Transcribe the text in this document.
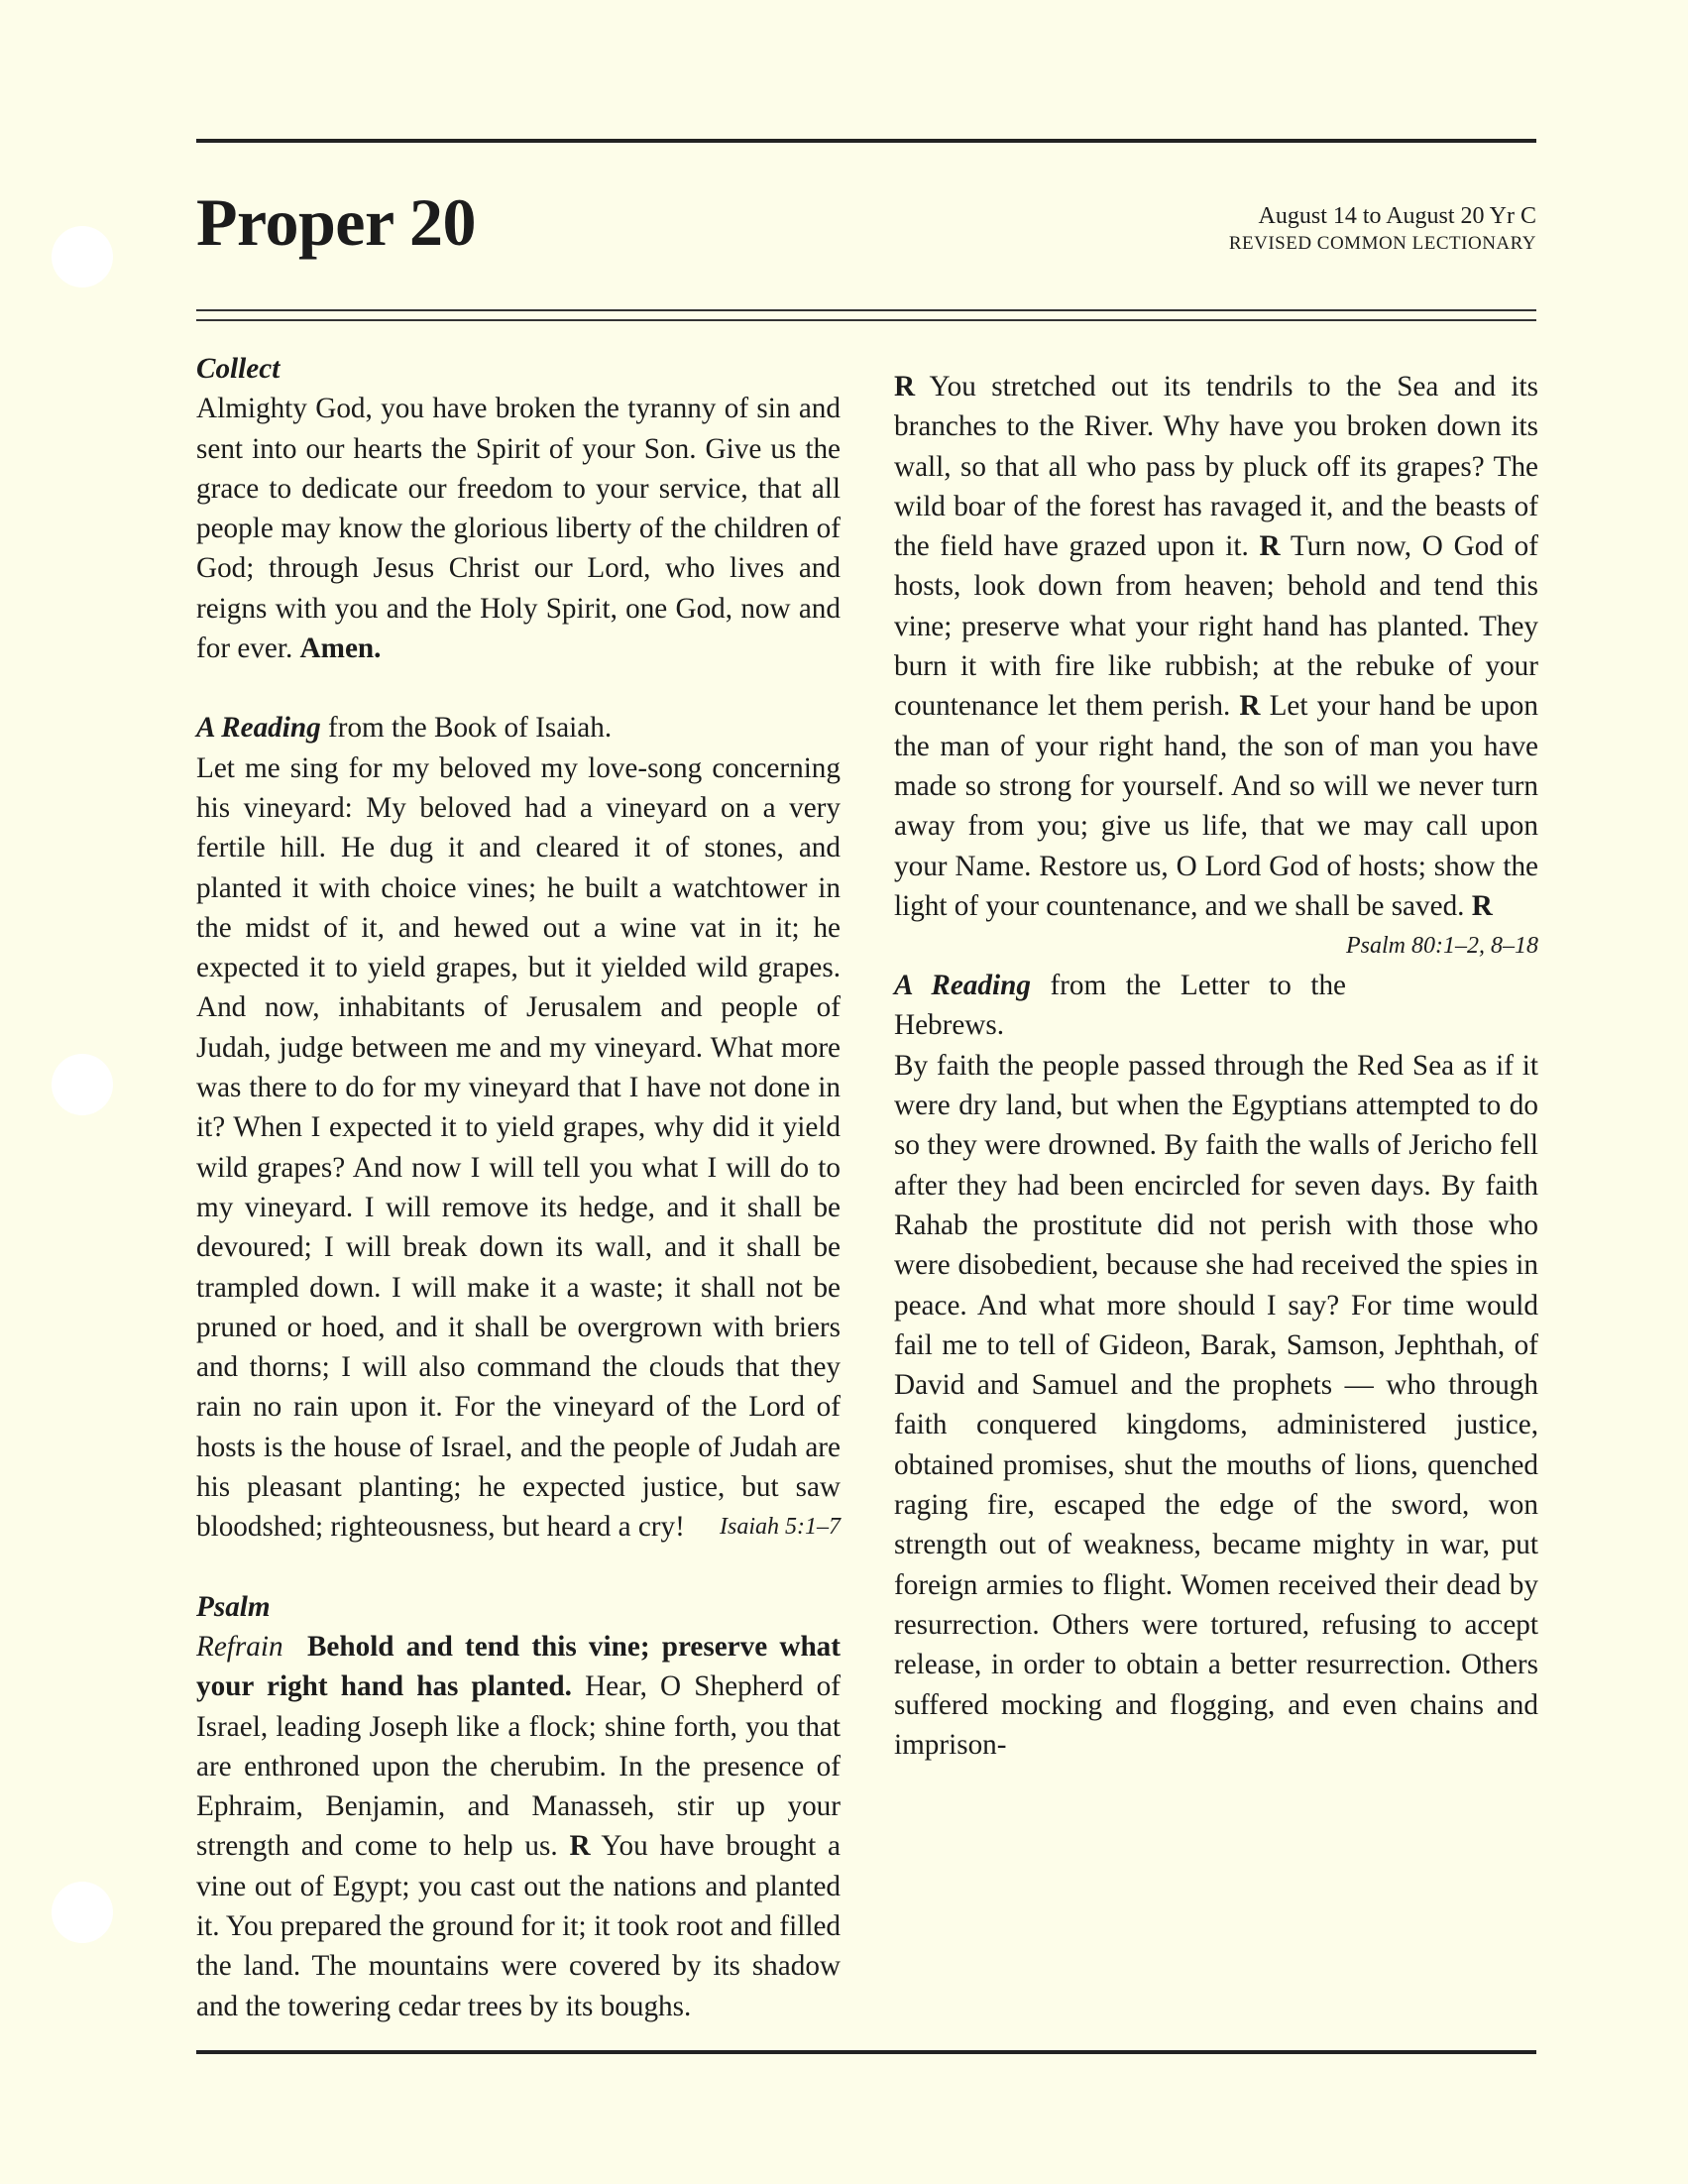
Proper 20	August 14 to August 20 Yr C
REVISED COMMON LECTIONARY

Collect

Almighty God, you have broken the tyranny of sin and sent into our hearts the Spirit of your Son. Give us the grace to dedicate our freedom to your service, that all people may know the glorious liberty of the children of God; through Jesus Christ our Lord, who lives and reigns with you and the Holy Spirit, one God, now and for ever. Amen.

A Reading from the Book of Isaiah.

Let me sing for my beloved my love-song concerning his vineyard: My beloved had a vineyard on a very fertile hill. He dug it and cleared it of stones, and planted it with choice vines; he built a watchtower in the midst of it, and hewed out a wine vat in it; he expected it to yield grapes, but it yielded wild grapes. And now, inhabitants of Jerusalem and people of Judah, judge between me and my vineyard. What more was there to do for my vineyard that I have not done in it? When I expected it to yield grapes, why did it yield wild grapes? And now I will tell you what I will do to my vineyard. I will remove its hedge, and it shall be devoured; I will break down its wall, and it shall be trampled down. I will make it a waste; it shall not be pruned or hoed, and it shall be overgrown with briers and thorns; I will also command the clouds that they rain no rain upon it. For the vineyard of the Lord of hosts is the house of Israel, and the people of Judah are his pleasant planting; he expected justice, but saw bloodshed; righteousness, but heard a cry! Isaiah 5:1–7

Psalm

Refrain Behold and tend this vine; preserve what your right hand has planted. Hear, O Shepherd of Israel, leading Joseph like a flock; shine forth, you that are enthroned upon the cherubim. In the presence of Ephraim, Benjamin, and Manasseh, stir up your strength and come to help us. R You have brought a vine out of Egypt; you cast out the nations and planted it. You prepared the ground for it; it took root and filled the land. The mountains were covered by its shadow and the towering cedar trees by its boughs.

R You stretched out its tendrils to the Sea and its branches to the River. Why have you broken down its wall, so that all who pass by pluck off its grapes? The wild boar of the forest has ravaged it, and the beasts of the field have grazed upon it. R Turn now, O God of hosts, look down from heaven; behold and tend this vine; preserve what your right hand has planted. They burn it with fire like rubbish; at the rebuke of your countenance let them perish. R Let your hand be upon the man of your right hand, the son of man you have made so strong for yourself. And so will we never turn away from you; give us life, that we may call upon your Name. Restore us, O Lord God of hosts; show the light of your countenance, and we shall be saved. R
Psalm 80:1–2, 8–18

A Reading from the Letter to the Hebrews.

By faith the people passed through the Red Sea as if it were dry land, but when the Egyptians attempted to do so they were drowned. By faith the walls of Jericho fell after they had been encircled for seven days. By faith Rahab the prostitute did not perish with those who were disobedient, because she had received the spies in peace. And what more should I say? For time would fail me to tell of Gideon, Barak, Samson, Jephthah, of David and Samuel and the prophets — who through faith conquered kingdoms, administered justice, obtained promises, shut the mouths of lions, quenched raging fire, escaped the edge of the sword, won strength out of weakness, became mighty in war, put foreign armies to flight. Women received their dead by resurrection. Others were tortured, refusing to accept release, in order to obtain a better resurrection. Others suffered mocking and flogging, and even chains and imprison-
